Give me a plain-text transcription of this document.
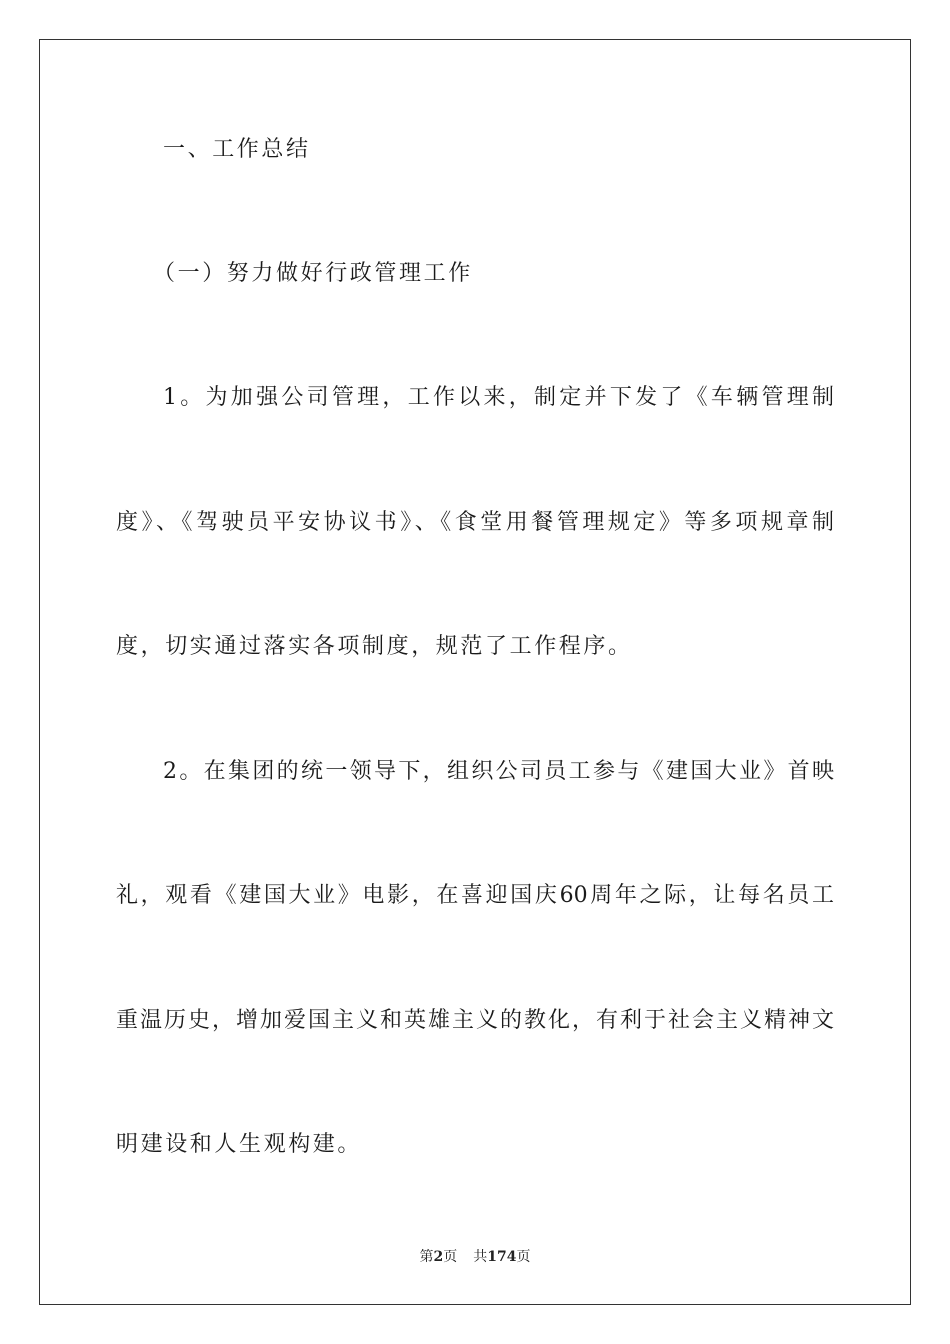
一、工作总结
（一）努力做好行政管理工作
1。为加强公司管理，工作以来，制定并下发了《车辆管理制
度》、《驾驶员平安协议书》、《食堂用餐管理规定》等多项规章制
度，切实通过落实各项制度，规范了工作程序。
2。在集团的统一领导下，组织公司员工参与《建国大业》首映
礼，观看《建国大业》电影，在喜迎国庆60周年之际，让每名员工
重温历史，增加爱国主义和英雄主义的教化，有利于社会主义精神文
明建设和人生观构建。
第2页 共174页
